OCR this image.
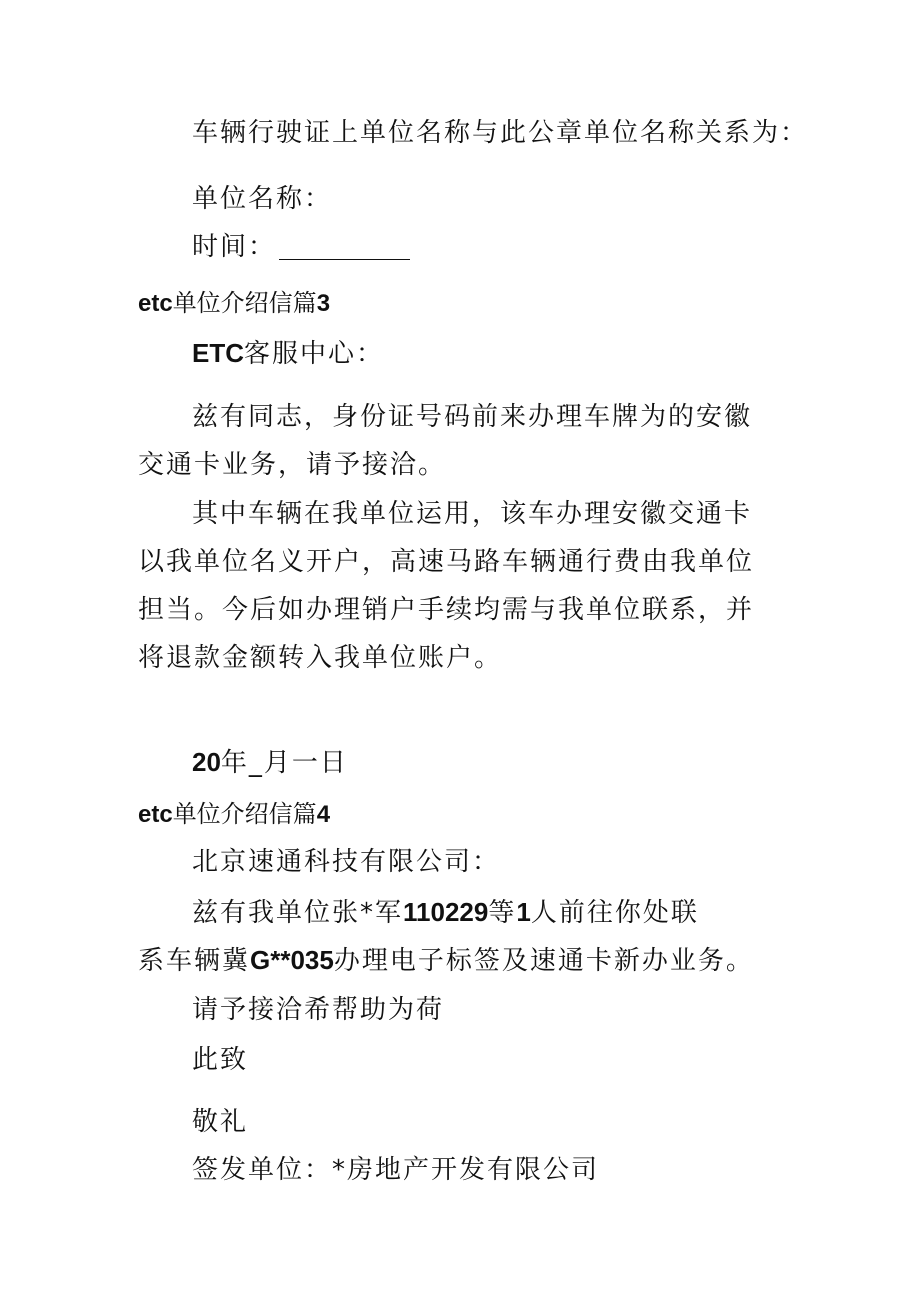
车辆行驶证上单位名称与此公章单位名称关系为：
单位名称：
时间：
etc单位介绍信篇3
ETC客服中心：
兹有同志，身份证号码前来办理车牌为的安徽交通卡业务，请予接洽。
其中车辆在我单位运用，该车办理安徽交通卡以我单位名义开户，高速马路车辆通行费由我单位担当。今后如办理销户手续均需与我单位联系，并将退款金额转入我单位账户。
20年_月一日
etc单位介绍信篇4
北京速通科技有限公司：
兹有我单位张*军110229等1人前往你处联
系车辆冀G**035办理电子标签及速通卡新办业务。
请予接洽希帮助为荷
此致
敬礼
签发单位：*房地产开发有限公司
